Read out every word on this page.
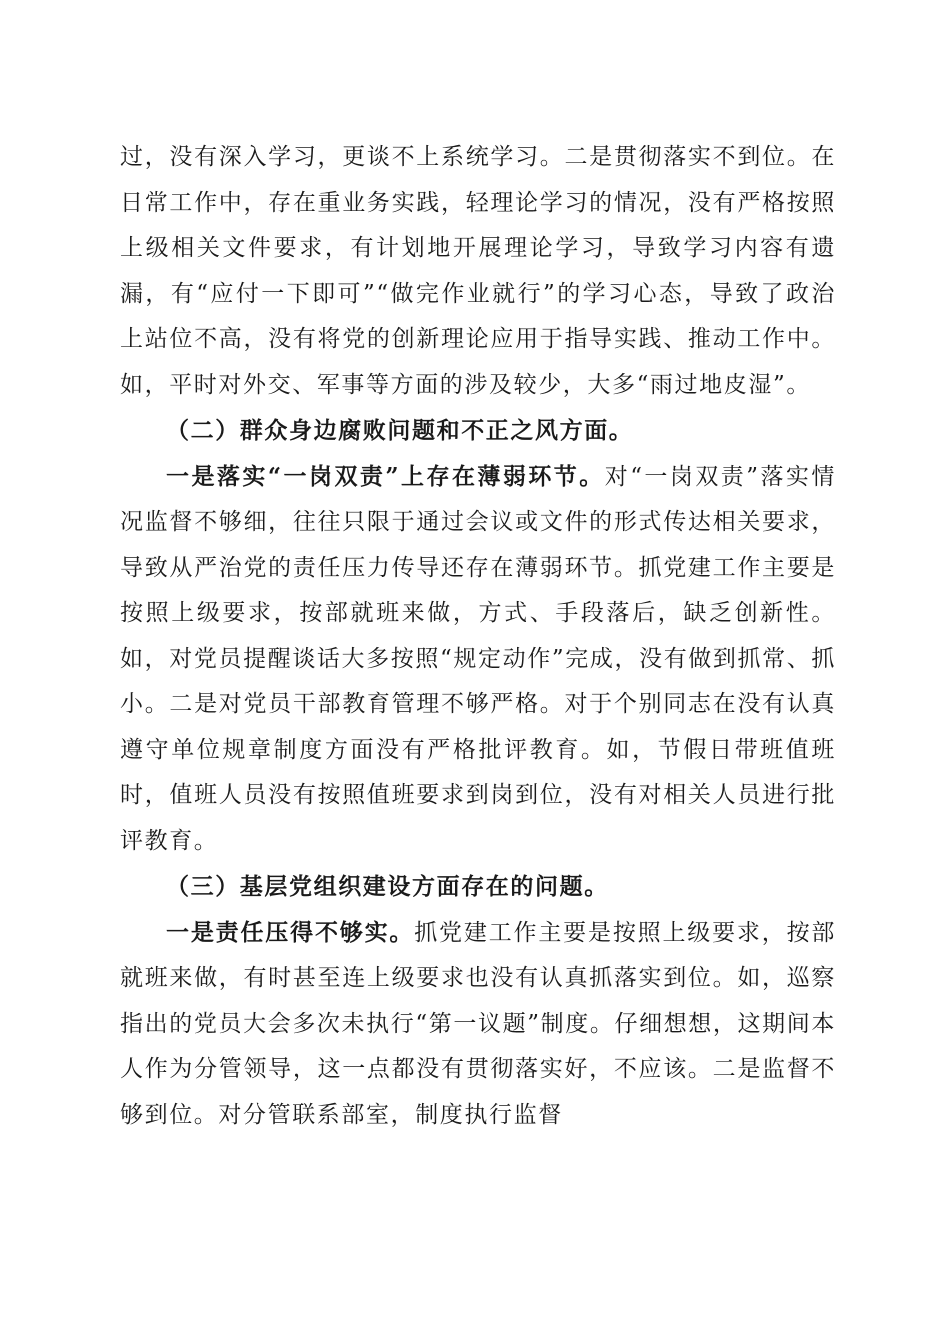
过，没有深入学习，更谈不上系统学习。二是贯彻落实不到位。在日常工作中，存在重业务实践，轻理论学习的情况，没有严格按照上级相关文件要求，有计划地开展理论学习，导致学习内容有遗漏，有“应付一下即可”“做完作业就行”的学习心态，导致了政治上站位不高，没有将党的创新理论应用于指导实践、推动工作中。如，平时对外交、军事等方面的涉及较少，大多“雨过地皮湿”。

（二）群众身边腐败问题和不正之风方面。

一是落实“一岗双责”上存在薄弱环节。对“一岗双责”落实情况监督不够细，往往只限于通过会议或文件的形式传达相关要求，导致从严治党的责任压力传导还存在薄弱环节。抓党建工作主要是按照上级要求，按部就班来做，方式、手段落后，缺乏创新性。如，对党员提醒谈话大多按照“规定动作”完成，没有做到抓常、抓小。二是对党员干部教育管理不够严格。对于个别同志在没有认真遵守单位规章制度方面没有严格批评教育。如，节假日带班值班时，值班人员没有按照值班要求到岗到位，没有对相关人员进行批评教育。

（三）基层党组织建设方面存在的问题。

一是责任压得不够实。抓党建工作主要是按照上级要求，按部就班来做，有时甚至连上级要求也没有认真抓落实到位。如，巡察指出的党员大会多次未执行“第一议题”制度。仔细想想，这期间本人作为分管领导，这一点都没有贯彻落实好，不应该。二是监督不够到位。对分管联系部室，制度执行监督
